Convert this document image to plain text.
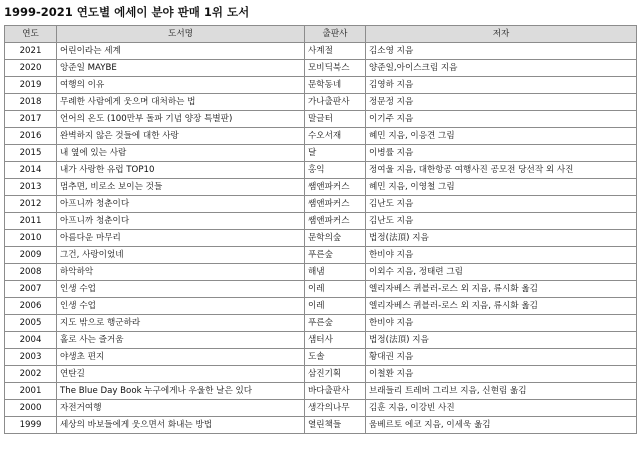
1999-2021 연도별 에세이 분야 판매 1위 도서
연도	도서명	출판사	저자
2021	어린이라는 세계	사계절	김소영 지음
2020	앙준일 MAYBE	모비딕북스	양준일,아이스크림 지음
2019	여행의 이유	문학동네	김영하 지음
2018	무례한 사람에게 웃으며 대처하는 법	가나출판사	정문정 지음
2017	언어의 온도 (100만부 돌파 기념 양장 특별판)	말글터	이기주 지음
2016	완벽하지 않은 것들에 대한 사랑	수오서재	혜민 지음, 이응견 그림
2015	내 옆에 있는 사람	달	이병률 지음
2014	내가 사랑한 유럽 TOP10	홍익	정여울 지음, 대한항공 여행사진 공모전 당선작 외 사진
2013	멈추면, 비로소 보이는 것들	쌤앤파커스	혜민 지음, 이영철 그림
2012	아프니까 청춘이다	쌤앤파커스	김난도 지음
2011	아프니까 청춘이다	쌤앤파커스	김난도 지음
2010	아름다운 마무리	문학의숲	법정(法頂) 지음
2009	그건, 사랑이었네	푸른숲	한비야 지음
2008	하악하악	해냄	이외수 지음, 정태련 그림
2007	인생 수업	이레	엘리자베스 퀴블러-로스 외 지음, 류시화 옮김
2006	인생 수업	이레	엘리자베스 퀴블러-로스 외 지음, 류시화 옮김
2005	지도 밖으로 행군하라	푸른숲	한비야 지음
2004	홀로 사는 즐거움	샘터사	법정(法頂) 지음
2003	야생초 편지	도솔	황대권 지음
2002	연탄길	삼진기획	이철환 지음
2001	The Blue Day Book 누구에게나 우울한 날은 있다	바다출판사	브래들리 트레버 그리브 지음, 신현림 옮김
2000	자전거여행	생각의나무	김훈 지음, 이강빈 사진
1999	세상의 바보들에게 웃으면서 화내는 방법	열린책들	움베르토 에코 지음, 이세욱 옮김
